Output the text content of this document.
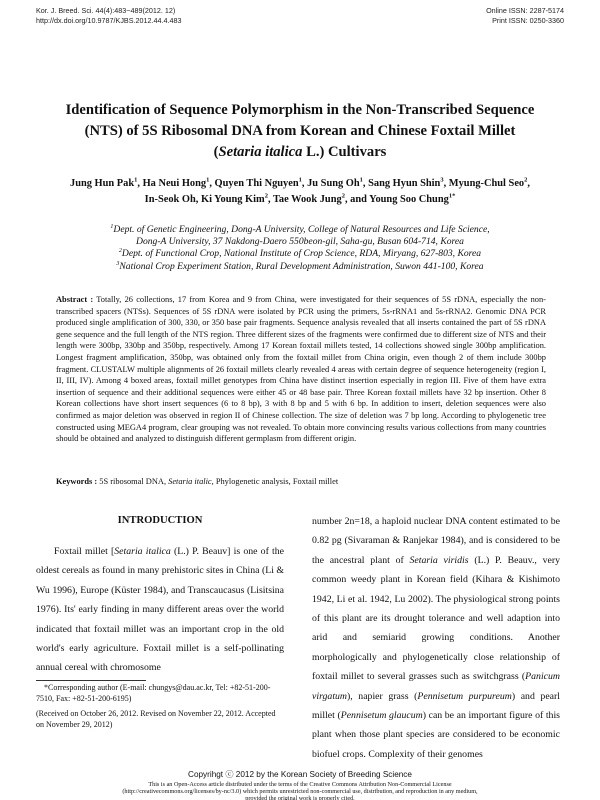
Kor. J. Breed. Sci. 44(4):483~489(2012. 12)
http://dx.doi.org/10.9787/KJBS.2012.44.4.483
Online ISSN: 2287-5174
Print ISSN: 0250-3360
Identification of Sequence Polymorphism in the Non-Transcribed Sequence
(NTS) of 5S Ribosomal DNA from Korean and Chinese Foxtail Millet
(Setaria italica L.) Cultivars
Jung Hun Pak$^1$, Ha Neui Hong$^1$, Quyen Thi Nguyen$^1$, Ju Sung Oh$^1$, Sang Hyun Shin$^3$, Myung-Chul Seo$^2$,
In-Seok Oh, Ki Young Kim$^2$, Tae Wook Jung$^2$, and Young Soo Chung$^{1*}$
$^1$Dept. of Genetic Engineering, Dong-A University, College of Natural Resources and Life Science,
Dong-A University, 37 Nakdong-Daero 550beon-gil, Saha-gu, Busan 604-714, Korea
$^2$Dept. of Functional Crop, National Institute of Crop Science, RDA, Miryang, 627-803, Korea
$^3$National Crop Experiment Station, Rural Development Administration, Suwon 441-100, Korea
Abstract : Totally, 26 collections, 17 from Korea and 9 from China, were investigated for their sequences of 5S rDNA, especially the non-transcribed spacers (NTSs). Sequences of 5S rDNA were isolated by PCR using the primers, 5s-rRNA1 and 5s-rRNA2. Genomic DNA PCR produced single amplification of 300, 330, or 350 base pair fragments. Sequence analysis revealed that all inserts contained the part of 5S rDNA gene sequence and the full length of the NTS region. Three different sizes of the fragments were confirmed due to different size of NTS and their length were 300bp, 330bp and 350bp, respectively. Among 17 Korean foxtail millets tested, 14 collections showed single 300bp amplification. Longest fragment amplification, 350bp, was obtained only from the foxtail millet from China origin, even though 2 of them include 300bp fragment. CLUSTALW multiple alignments of 26 foxtail millets clearly revealed 4 areas with certain degree of sequence heterogeneity (region I, II, III, IV). Among 4 boxed areas, foxtail millet genotypes from China have distinct insertion especially in region III. Five of them have extra insertion of sequence and their additional sequences were either 45 or 48 base pair. Three Korean foxtail millets have 32 bp insertion. Other 8 Korean collections have short insert sequences (6 to 8 bp), 3 with 8 bp and 5 with 6 bp. In addition to insert, deletion sequences were also confirmed as major deletion was observed in region II of Chinese collection. The size of deletion was 7 bp long. According to phylogenetic tree constructed using MEGA4 program, clear grouping was not revealed. To obtain more convincing results various collections from many countries should be obtained and analyzed to distinguish different germplasm from different origin.
Keywords : 5S ribosomal DNA, Setaria italic, Phylogenetic analysis, Foxtail millet
INTRODUCTION

Foxtail millet [Setaria italica (L.) P. Beauv] is one of the oldest cereals as found in many prehistoric sites in China (Li & Wu 1996), Europe (Küster 1984), and Transcaucasus (Lisitsina 1976). Its' early finding in many different areas over the world indicated that foxtail millet was an important crop in the old world's early agriculture. Foxtail millet is a self-pollinating annual cereal with chromosome

number 2n=18, a haploid nuclear DNA content estimated to be 0.82 pg (Sivaraman & Ranjekar 1984), and is considered to be the ancestral plant of Setaria viridis (L.) P. Beauv., very common weedy plant in Korean field (Kihara & Kishimoto 1942, Li et al. 1942, Lu 2002). The physiological strong points of this plant are its drought tolerance and well adaption into arid and semiarid growing conditions. Another morphologically and phylogenetically close relationship of foxtail millet to several grasses such as switchgrass (Panicum virgatum), napier grass (Pennisetum purpureum) and pearl millet (Pennisetum glaucum) can be an important figure of this plant when those plant species are considered to be economic biofuel crops. Complexity of their genomes

*Corresponding author (E-mail: chungys@dau.ac.kr, Tel: +82-51-200-7510, Fax: +82-51-200-6195)
(Received on October 26, 2012. Revised on November 22, 2012. Accepted on November 29, 2012)
Copyrihgt ⓒ 2012 by the Korean Society of Breeding Science
This is an Open-Access article distributed under the terms of the Creative Commons Attribution Non-Commercial License
(http://creativecommons.org/licenses/by-nc/3.0) which permits unrestricted non-commercial use, distribution, and reproduction in any medium,
provided the original work is properly cited.
